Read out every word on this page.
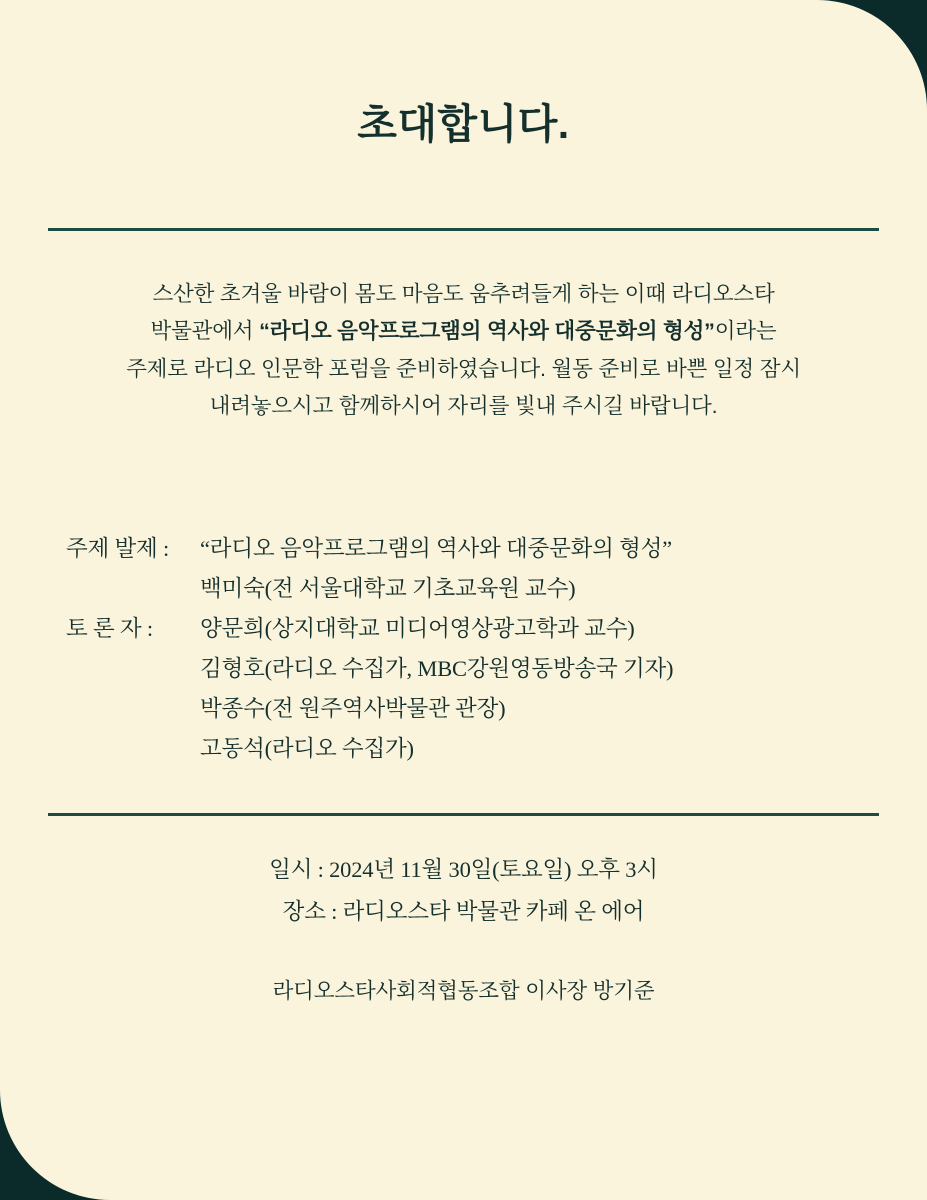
초대합니다.
스산한 초겨울 바람이 몸도 마음도 움추려들게 하는 이때 라디오스타
박물관에서 “라디오 음악프로그램의 역사와 대중문화의 형성”이라는
주제로 라디오 인문학 포럼을 준비하였습니다. 월동 준비로 바쁜 일정 잠시
내려놓으시고 함께하시어 자리를 빛내 주시길 바랍니다.
주제 발제 :	“라디오 음악프로그램의 역사와 대중문화의 형성”
백미숙(전 서울대학교 기초교육원 교수)
토 론 자 :	양문희(상지대학교 미디어영상광고학과 교수)
김형호(라디오 수집가, MBC강원영동방송국 기자)
박종수(전 원주역사박물관 관장)
고동석(라디오 수집가)
일시 : 2024년 11월 30일(토요일) 오후 3시
장소 : 라디오스타 박물관 카페 온 에어
라디오스타사회적협동조합 이사장 방기준
